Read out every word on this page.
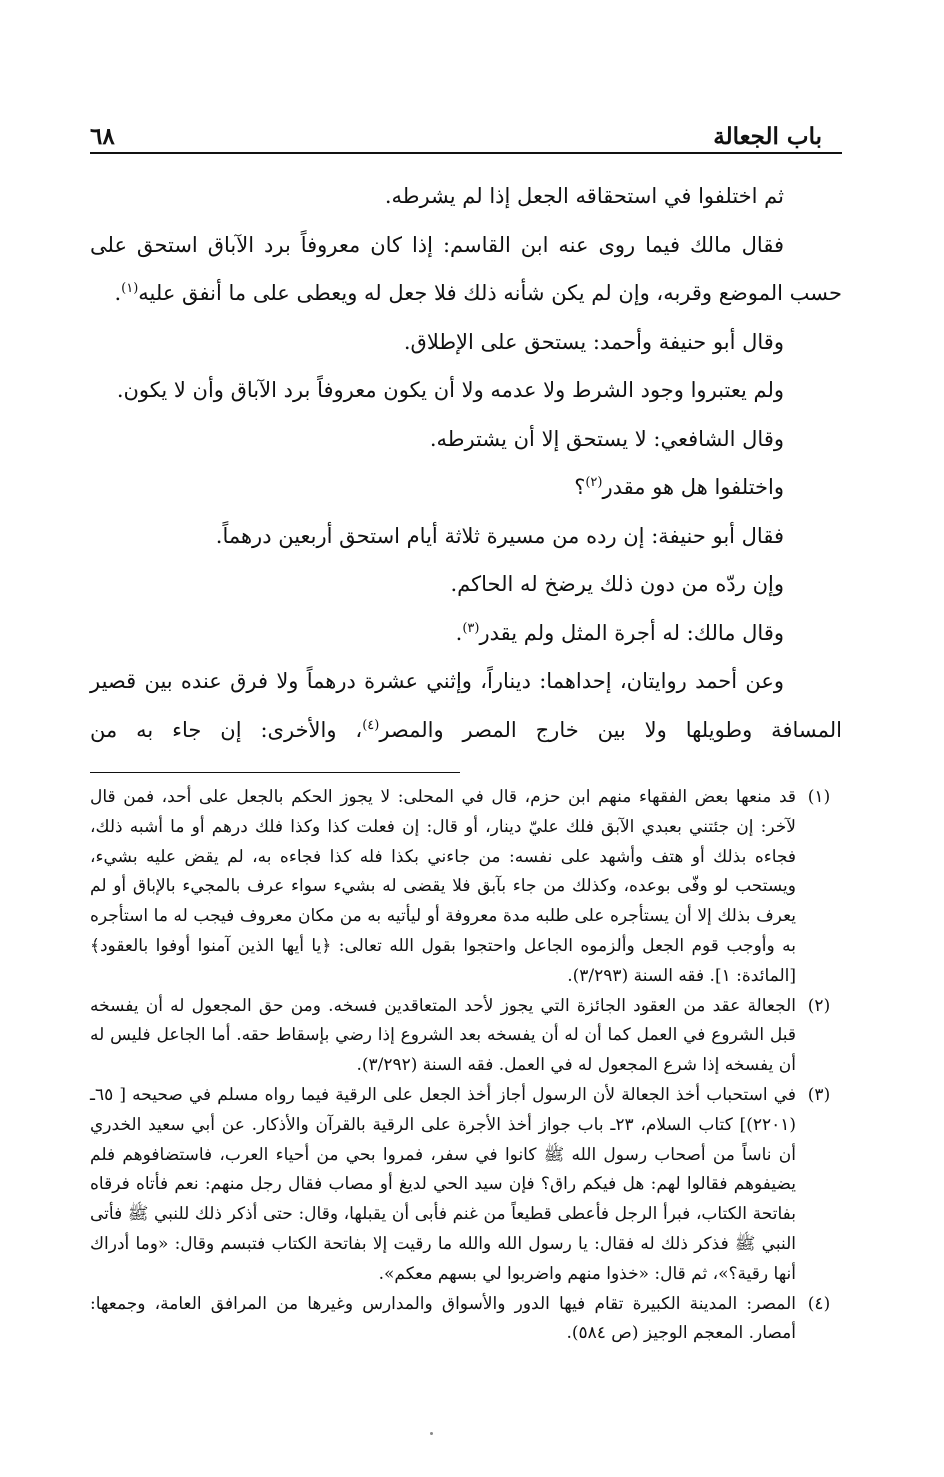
باب الجعالة
٦٨

ثم اختلفوا في استحقاقه الجعل إذا لم يشرطه.

فقال مالك فيما روى عنه ابن القاسم: إذا كان معروفاً برد الآباق استحق على حسب الموضع وقربه، وإن لم يكن شأنه ذلك فلا جعل له ويعطى على ما أنفق عليه$^{(١)}$.

وقال أبو حنيفة وأحمد: يستحق على الإطلاق.

ولم يعتبروا وجود الشرط ولا عدمه ولا أن يكون معروفاً برد الآباق وأن لا يكون.

وقال الشافعي: لا يستحق إلا أن يشترطه.

واختلفوا هل هو مقدر$^{(٢)}$؟

فقال أبو حنيفة: إن رده من مسيرة ثلاثة أيام استحق أربعين درهماً.

وإن ردّه من دون ذلك يرضخ له الحاكم.

وقال مالك: له أجرة المثل ولم يقدر$^{(٣)}$.

وعن أحمد روايتان، إحداهما: ديناراً، وإثني عشرة درهماً ولا فرق عنده بين قصير المسافة وطويلها ولا بين خارج المصر والمصر$^{(٤)}$، والأخرى: إن جاء به من

(١)
قد منعها بعض الفقهاء منهم ابن حزم، قال في المحلى: لا يجوز الحكم بالجعل على أحد، فمن قال لآخر: إن جئتني بعبدي الآبق فلك عليّ دينار، أو قال: إن فعلت كذا وكذا فلك درهم أو ما أشبه ذلك، فجاءه بذلك أو هتف وأشهد على نفسه: من جاءني بكذا فله كذا فجاءه به، لم يقض عليه بشيء، ويستحب لو وفّى بوعده، وكذلك من جاء بآبق فلا يقضى له بشيء سواء عرف بالمجيء بالإباق أو لم يعرف بذلك إلا أن يستأجره على طلبه مدة معروفة أو ليأتيه به من مكان معروف فيجب له ما استأجره به وأوجب قوم الجعل وألزموه الجاعل واحتجوا بقول الله تعالى: ﴿يا أيها الذين آمنوا أوفوا بالعقود﴾ [المائدة: ١]. فقه السنة (٣/٢٩٣).
(٢)
الجعالة عقد من العقود الجائزة التي يجوز لأحد المتعاقدين فسخه. ومن حق المجعول له أن يفسخه قبل الشروع في العمل كما أن له أن يفسخه بعد الشروع إذا رضي بإسقاط حقه. أما الجاعل فليس له أن يفسخه إذا شرع المجعول له في العمل. فقه السنة (٣/٢٩٢).
(٣)
في استحباب أخذ الجعالة لأن الرسول أجاز أخذ الجعل على الرقية فيما رواه مسلم في صحيحه [ ٦٥ـ (٢٢٠١)] كتاب السلام، ٢٣ـ باب جواز أخذ الأجرة على الرقية بالقرآن والأذكار. عن أبي سعيد الخدري أن ناساً من أصحاب رسول الله ﷺ كانوا في سفر، فمروا بحي من أحياء العرب، فاستضافوهم فلم يضيفوهم فقالوا لهم: هل فيكم راق؟ فإن سيد الحي لديغ أو مصاب فقال رجل منهم: نعم فأتاه فرقاه بفاتحة الكتاب، فبرأ الرجل فأعطى قطيعاً من غنم فأبى أن يقبلها، وقال: حتى أذكر ذلك للنبي ﷺ فأتى النبي ﷺ فذكر ذلك له فقال: يا رسول الله والله ما رقيت إلا بفاتحة الكتاب فتبسم وقال: «وما أدراك أنها رقية؟»، ثم قال: «خذوا منهم واضربوا لي بسهم معكم».
(٤)
المصر: المدينة الكبيرة تقام فيها الدور والأسواق والمدارس وغيرها من المرافق العامة، وجمعها: أمصار. المعجم الوجيز (ص ٥٨٤).
